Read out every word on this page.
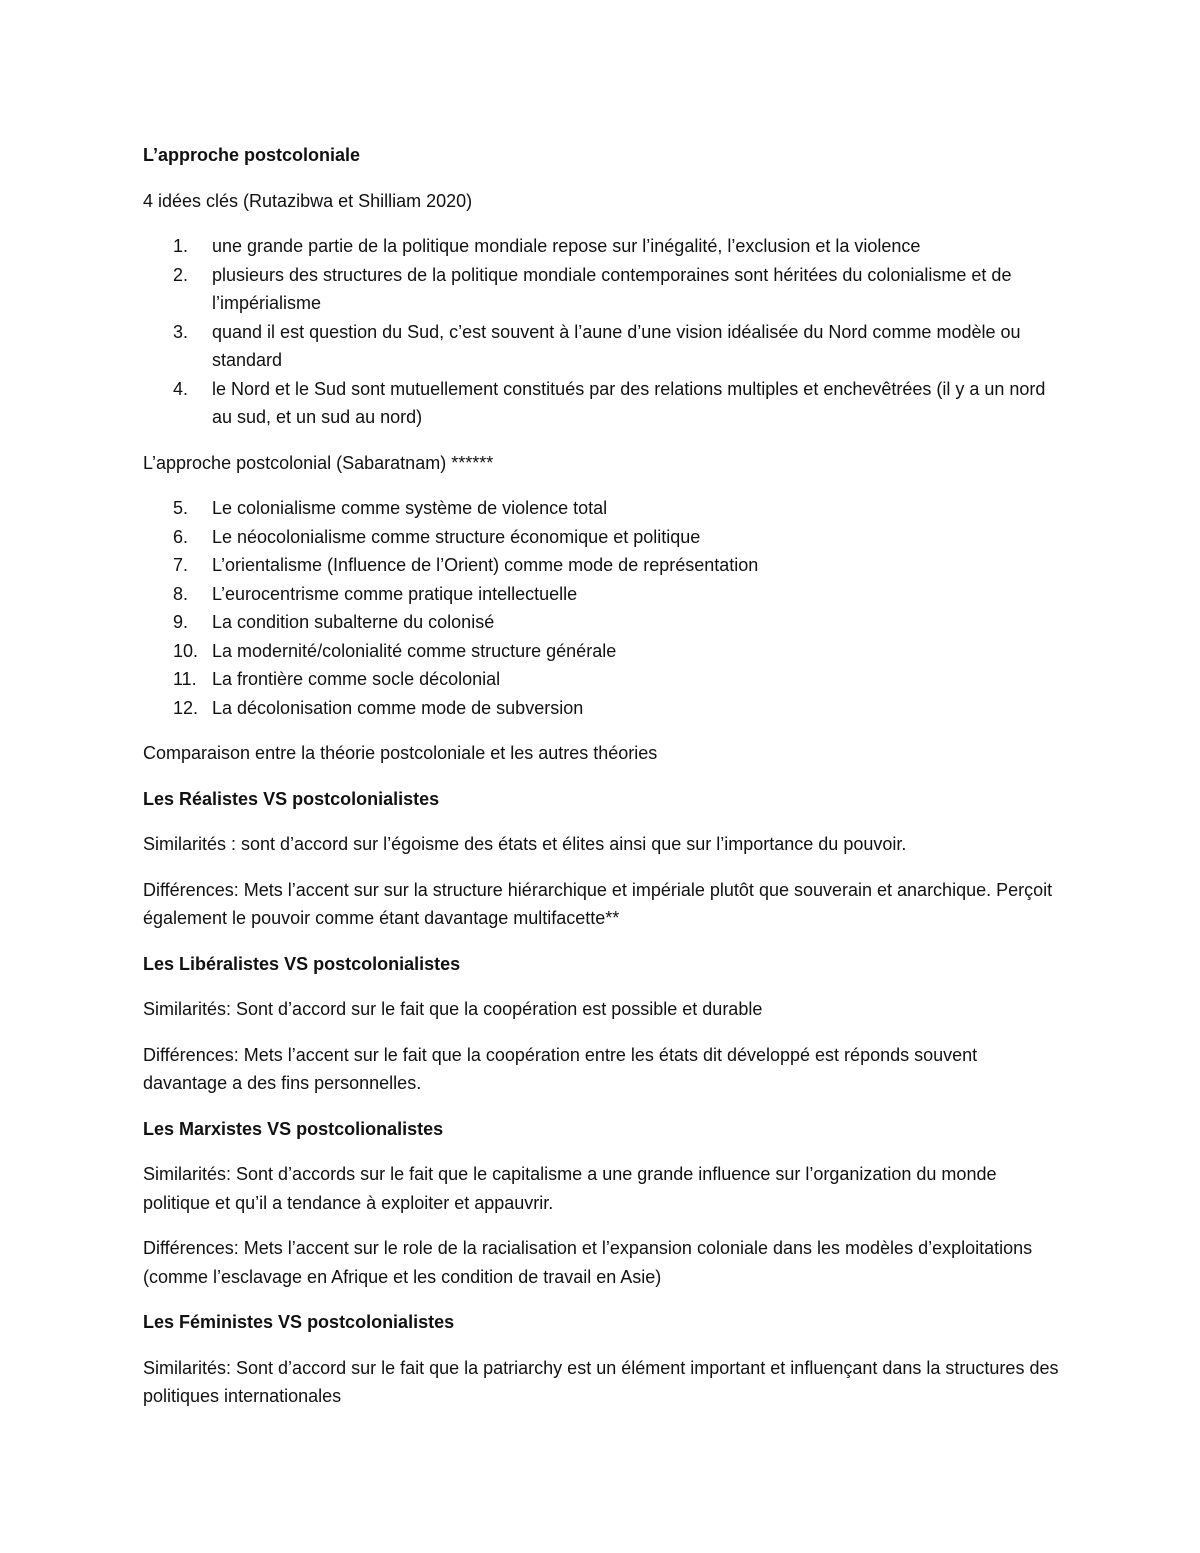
L’approche postcoloniale

4 idées clés (Rutazibwa et Shilliam 2020)

1. une grande partie de la politique mondiale repose sur l’inégalité, l’exclusion et la violence
2. plusieurs des structures de la politique mondiale contemporaines sont héritées du colonialisme et de l’impérialisme
3. quand il est question du Sud, c’est souvent à l’aune d’une vision idéalisée du Nord comme modèle ou standard
4. le Nord et le Sud sont mutuellement constitués par des relations multiples et enchevêtrées (il y a un nord au sud, et un sud au nord)

L’approche postcolonial (Sabaratnam) ******

5. Le colonialisme comme système de violence total
6. Le néocolonialisme comme structure économique et politique
7. L’orientalisme (Influence de l’Orient) comme mode de représentation
8. L’eurocentrisme comme pratique intellectuelle
9. La condition subalterne du colonisé
10. La modernité/colonialité comme structure générale
11. La frontière comme socle décolonial
12. La décolonisation comme mode de subversion

Comparaison entre la théorie postcoloniale et les autres théories

Les Réalistes VS postcolonialistes

Similarités : sont d’accord sur l’égoisme des états et élites ainsi que sur l’importance du pouvoir.

Différences: Mets l’accent sur sur la structure hiérarchique et impériale plutôt que souverain et anarchique. Perçoit également le pouvoir comme étant davantage multifacette**

Les Libéralistes VS postcolonialistes

Similarités: Sont d’accord sur le fait que la coopération est possible et durable

Différences: Mets l’accent sur le fait que la coopération entre les états dit développé est réponds souvent davantage a des fins personnelles.

Les Marxistes VS postcolionalistes

Similarités: Sont d’accords sur le fait que le capitalisme a une grande influence sur l’organization du monde politique et qu’il a tendance à exploiter et appauvrir.

Différences: Mets l’accent sur le role de la racialisation et l’expansion coloniale dans les modèles d’exploitations (comme l’esclavage en Afrique et les condition de travail en Asie)

Les Féministes VS postcolonialistes

Similarités: Sont d’accord sur le fait que la patriarchy est un élément important et influençant dans la structures des politiques internationales
